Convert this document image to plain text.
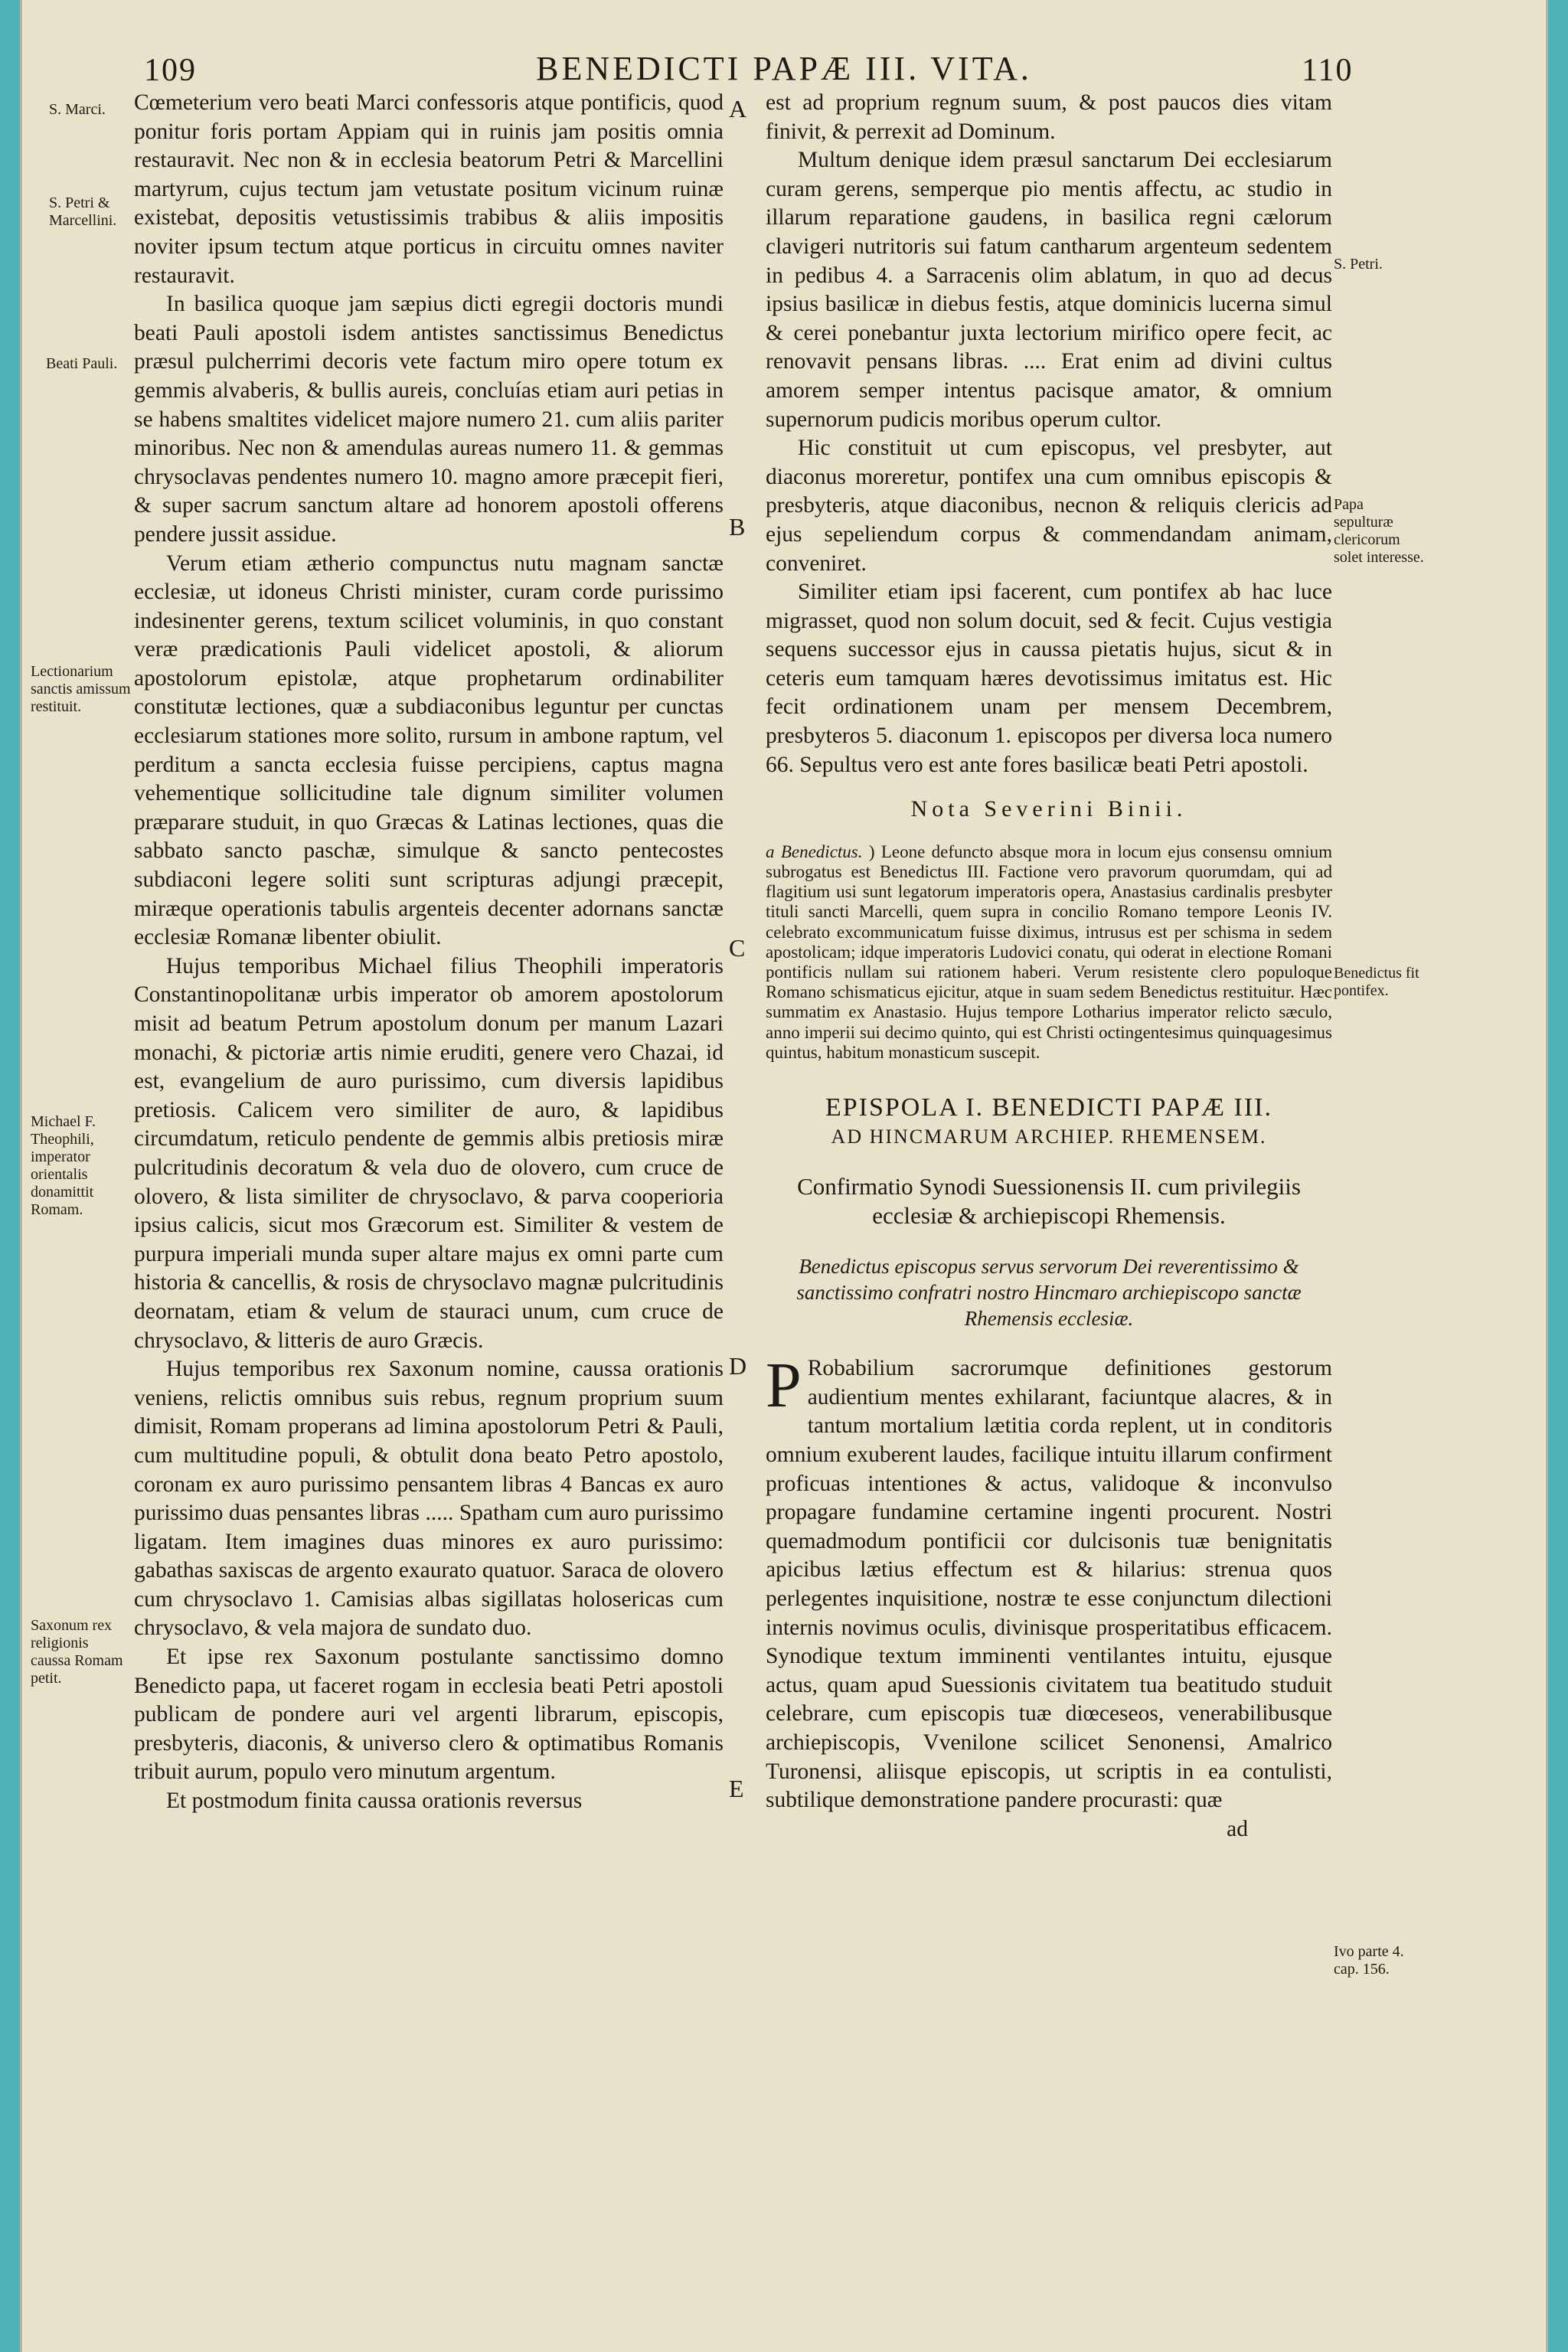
109	BENEDICTI PAPÆ III. VITA.	110
A
B
C
D
E
S. Marci.
S. Petri & Marcellini.
Beati Pauli.
Lectionarium sanctis amissum restituit.
Michael F. Theophili, imperator orientalis donamittit Romam.
Saxonum rex religionis caussa Romam petit.
S. Petri.
Papa sepulturæ clericorum solet interesse.
Benedictus fit pontifex.
Ivo parte 4. cap. 156.

Cœmeterium vero beati Marci confessoris atque pontificis, quod ponitur foris portam Appiam qui in ruinis jam positis omnia restauravit. Nec non & in ecclesia beatorum Petri & Marcellini martyrum, cujus tectum jam vetustate positum vicinum ruinæ existebat, depositis vetustissimis trabibus & aliis impositis noviter ipsum tectum atque porticus in circuitu omnes naviter restauravit.

In basilica quoque jam sæpius dicti egregii doctoris mundi beati Pauli apostoli isdem antistes sanctissimus Benedictus præsul pulcherrimi decoris vete factum miro opere totum ex gemmis alvaberis, & bullis aureis, concluías etiam auri petias in se habens smaltites videlicet majore numero 21. cum aliis pariter minoribus. Nec non & amendulas aureas numero 11. & gemmas chrysoclavas pendentes numero 10. magno amore præcepit fieri, & super sacrum sanctum altare ad honorem apostoli offerens pendere jussit assidue.

Verum etiam ætherio compunctus nutu magnam sanctæ ecclesiæ, ut idoneus Christi minister, curam corde purissimo indesinenter gerens, textum scilicet voluminis, in quo constant veræ prædicationis Pauli videlicet apostoli, & aliorum apostolorum epistolæ, atque prophetarum ordinabiliter constitutæ lectiones, quæ a subdiaconibus leguntur per cunctas ecclesiarum stationes more solito, rursum in ambone raptum, vel perditum a sancta ecclesia fuisse percipiens, captus magna vehementique sollicitudine tale dignum similiter volumen præparare studuit, in quo Græcas & Latinas lectiones, quas die sabbato sancto paschæ, simulque & sancto pentecostes subdiaconi legere soliti sunt scripturas adjungi præcepit, miræque operationis tabulis argenteis decenter adornans sanctæ ecclesiæ Romanæ libenter obiulit.

Hujus temporibus Michael filius Theophili imperatoris Constantinopolitanæ urbis imperator ob amorem apostolorum misit ad beatum Petrum apostolum donum per manum Lazari monachi, & pictoriæ artis nimie eruditi, genere vero Chazai, id est, evangelium de auro purissimo, cum diversis lapidibus pretiosis. Calicem vero similiter de auro, & lapidibus circumdatum, reticulo pendente de gemmis albis pretiosis miræ pulcritudinis decoratum & vela duo de olovero, cum cruce de olovero, & lista similiter de chrysoclavo, & parva cooperioria ipsius calicis, sicut mos Græcorum est. Similiter & vestem de purpura imperiali munda super altare majus ex omni parte cum historia & cancellis, & rosis de chrysoclavo magnæ pulcritudinis deornatam, etiam & velum de stauraci unum, cum cruce de chrysoclavo, & litteris de auro Græcis.

Hujus temporibus rex Saxonum nomine, caussa orationis veniens, relictis omnibus suis rebus, regnum proprium suum dimisit, Romam properans ad limina apostolorum Petri & Pauli, cum multitudine populi, & obtulit dona beato Petro apostolo, coronam ex auro purissimo pensantem libras 4 Bancas ex auro purissimo duas pensantes libras ..... Spatham cum auro purissimo ligatam. Item imagines duas minores ex auro purissimo: gabathas saxiscas de argento exaurato quatuor. Saraca de olovero cum chrysoclavo 1. Camisias albas sigillatas holosericas cum chrysoclavo, & vela majora de sundato duo.

Et ipse rex Saxonum postulante sanctissimo domno Benedicto papa, ut faceret rogam in ecclesia beati Petri apostoli publicam de pondere auri vel argenti librarum, episcopis, presbyteris, diaconis, & universo clero & optimatibus Romanis tribuit aurum, populo vero minutum argentum.

Et postmodum finita caussa orationis reversus

est ad proprium regnum suum, & post paucos dies vitam finivit, & perrexit ad Dominum.

Multum denique idem præsul sanctarum Dei ecclesiarum curam gerens, semperque pio mentis affectu, ac studio in illarum reparatione gaudens, in basilica regni cælorum clavigeri nutritoris sui fatum cantharum argenteum sedentem in pedibus 4. a Sarracenis olim ablatum, in quo ad decus ipsius basilicæ in diebus festis, atque dominicis lucerna simul & cerei ponebantur juxta lectorium mirifico opere fecit, ac renovavit pensans libras. .... Erat enim ad divini cultus amorem semper intentus pacisque amator, & omnium supernorum pudicis moribus operum cultor.

Hic constituit ut cum episcopus, vel presbyter, aut diaconus moreretur, pontifex una cum omnibus episcopis & presbyteris, atque diaconibus, necnon & reliquis clericis ad ejus sepeliendum corpus & commendandam animam, conveniret.

Similiter etiam ipsi facerent, cum pontifex ab hac luce migrasset, quod non solum docuit, sed & fecit. Cujus vestigia sequens successor ejus in caussa pietatis hujus, sicut & in ceteris eum tamquam hæres devotissimus imitatus est. Hic fecit ordinationem unam per mensem Decembrem, presbyteros 5. diaconum 1. episcopos per diversa loca numero 66. Sepultus vero est ante fores basilicæ beati Petri apostoli.

Nota Severini Binii.
a Benedictus. ) Leone defuncto absque mora in locum ejus consensu omnium subrogatus est Benedictus III. Factione vero pravorum quorumdam, qui ad flagitium usi sunt legatorum imperatoris opera, Anastasius cardinalis presbyter tituli sancti Marcelli, quem supra in concilio Romano tempore Leonis IV. celebrato excommunicatum fuisse diximus, intrusus est per schisma in sedem apostolicam; idque imperatoris Ludovici conatu, qui oderat in electione Romani pontificis nullam sui rationem haberi. Verum resistente clero populoque Romano schismaticus ejicitur, atque in suam sedem Benedictus restituitur. Hæc summatim ex Anastasio. Hujus tempore Lotharius imperator relicto sæculo, anno imperii sui decimo quinto, qui est Christi octingentesimus quinquagesimus quintus, habitum monasticum suscepit.
EPISPOLA I. BENEDICTI PAPÆ III.
AD HINCMARUM ARCHIEP. RHEMENSEM.
Confirmatio Synodi Suessionensis II. cum privilegiis ecclesiæ & archiepiscopi Rhemensis.
Benedictus episcopus servus servorum Dei reverentissimo & sanctissimo confratri nostro Hincmaro archiepiscopo sanctæ Rhemensis ecclesiæ.
P Robabilium sacrorumque definitiones gestorum audientium mentes exhilarant, faciuntque alacres, & in tantum mortalium lætitia corda replent, ut in conditoris omnium exuberent laudes, facilique intuitu illarum confirment proficuas intentiones & actus, validoque & inconvulso propagare fundamine certamine ingenti procurent. Nostri quemadmodum pontificii cor dulcisonis tuæ benignitatis apicibus lætius effectum est & hilarius: strenua quos perlegentes inquisitione, nostræ te esse conjunctum dilectioni internis novimus oculis, divinisque prosperitatibus efficacem. Synodique textum imminenti ventilantes intuitu, ejusque actus, quam apud Suessionis civitatem tua beatitudo studuit celebrare, cum episcopis tuæ diœceseos, venerabilibusque archiepiscopis, Vvenilone scilicet Senonensi, Amalrico Turonensi, aliisque episcopis, ut scriptis in ea contulisti, subtilique demonstratione pandere procurasti: quæ
ad
